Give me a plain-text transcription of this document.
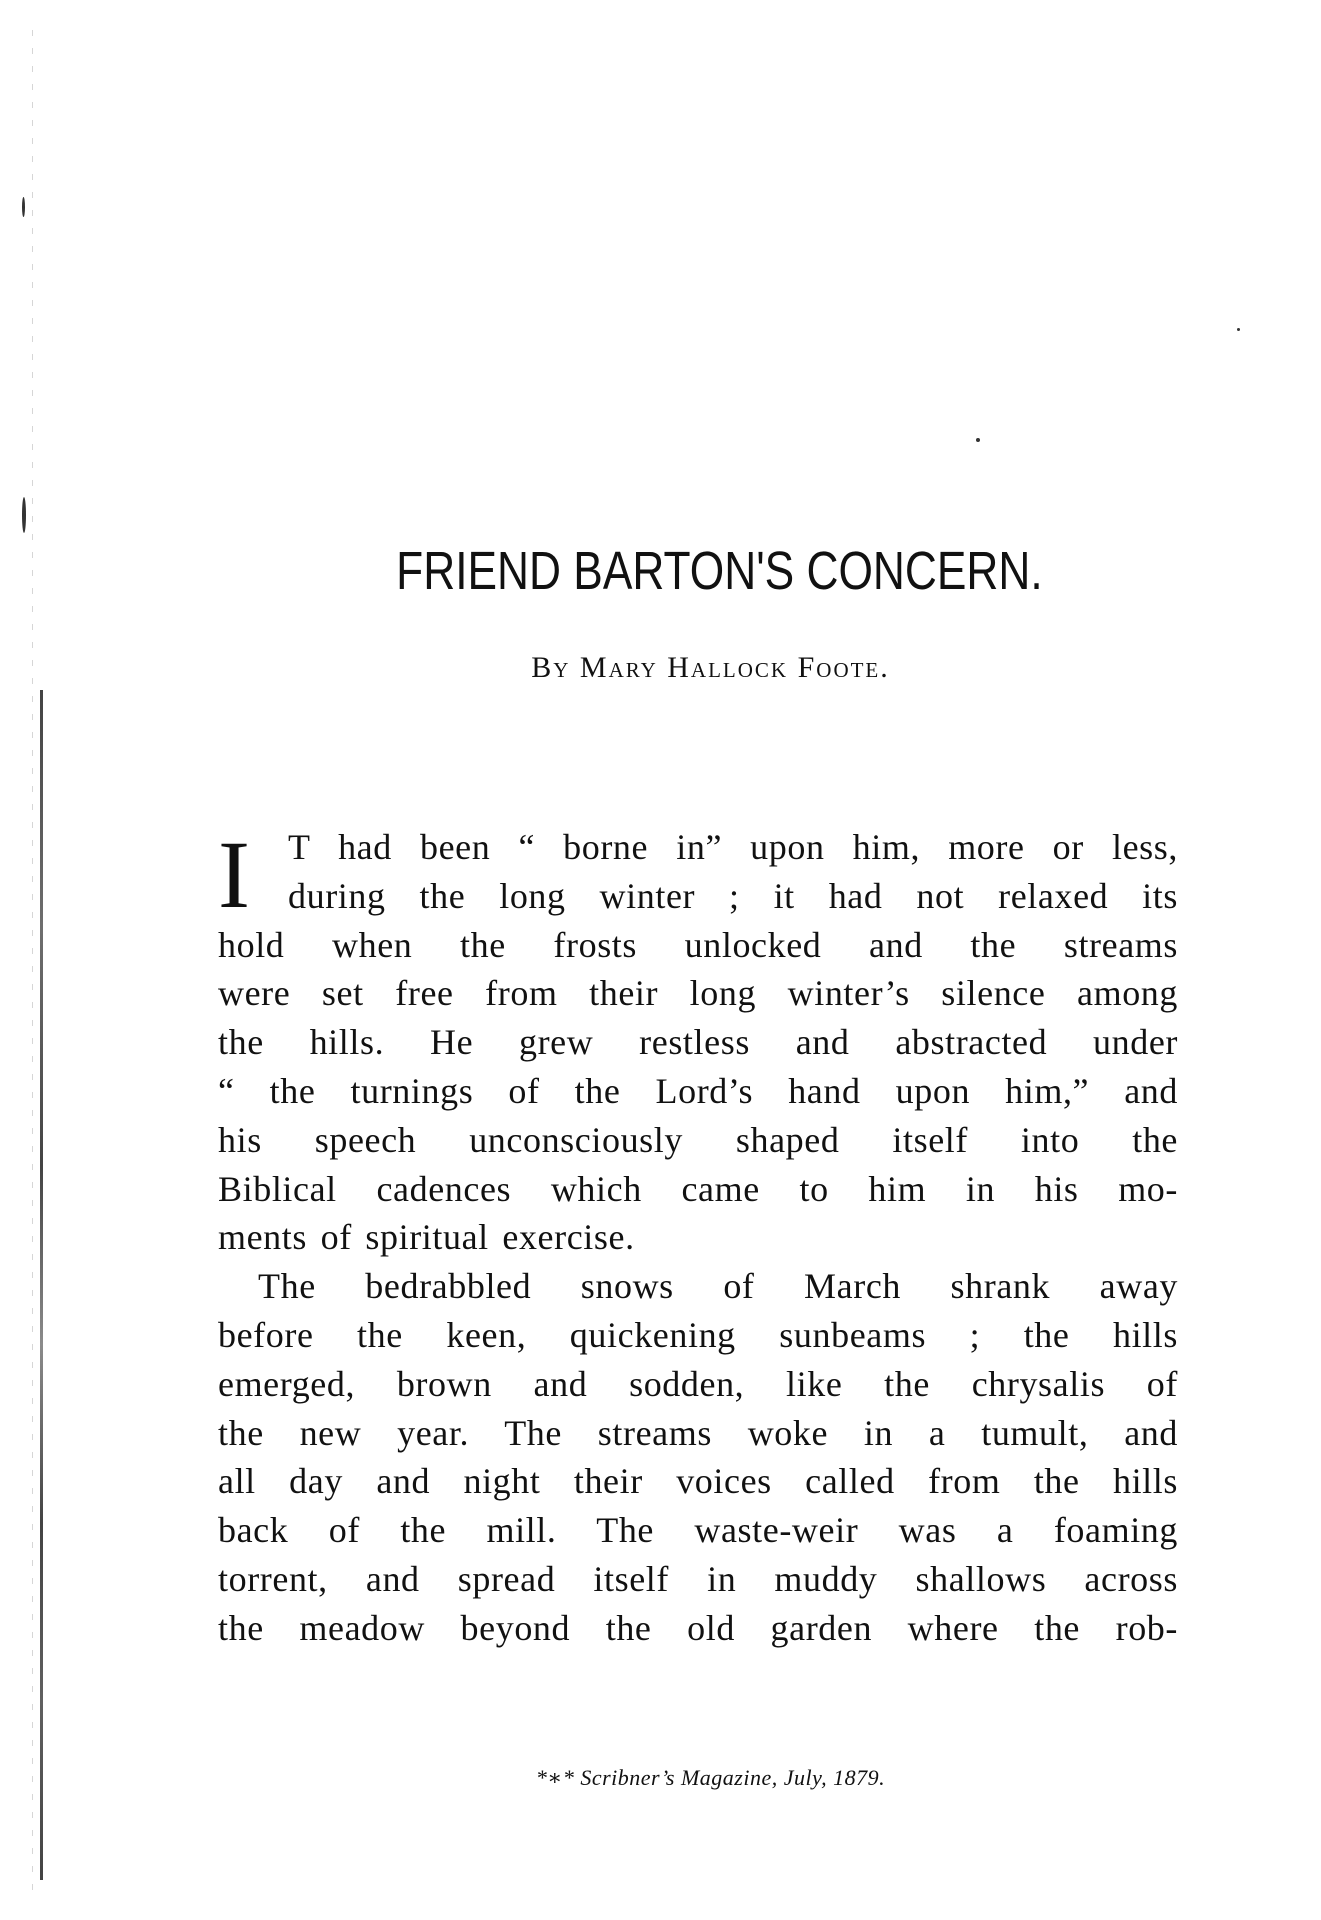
FRIEND BARTON'S CONCERN.
By Mary Hallock Foote.
I	T had been “ borne in” upon him, more or less,
during the long winter ; it had not relaxed its
hold when the frosts unlocked and the streams
were set free from their long winter’s silence among
the hills. He grew restless and abstracted under
“ the turnings of the Lord’s hand upon him,” and
his speech unconsciously shaped itself into the
Biblical cadences which came to him in his mo-
ments of spiritual exercise.
The bedrabbled snows of March shrank away
before the keen, quickening sunbeams ; the hills
emerged, brown and sodden, like the chrysalis of
the new year. The streams woke in a tumult, and
all day and night their voices called from the hills
back of the mill. The waste-weir was a foaming
torrent, and spread itself in muddy shallows across
the meadow beyond the old garden where the rob-
*∗* Scribner’s Magazine, July, 1879.
